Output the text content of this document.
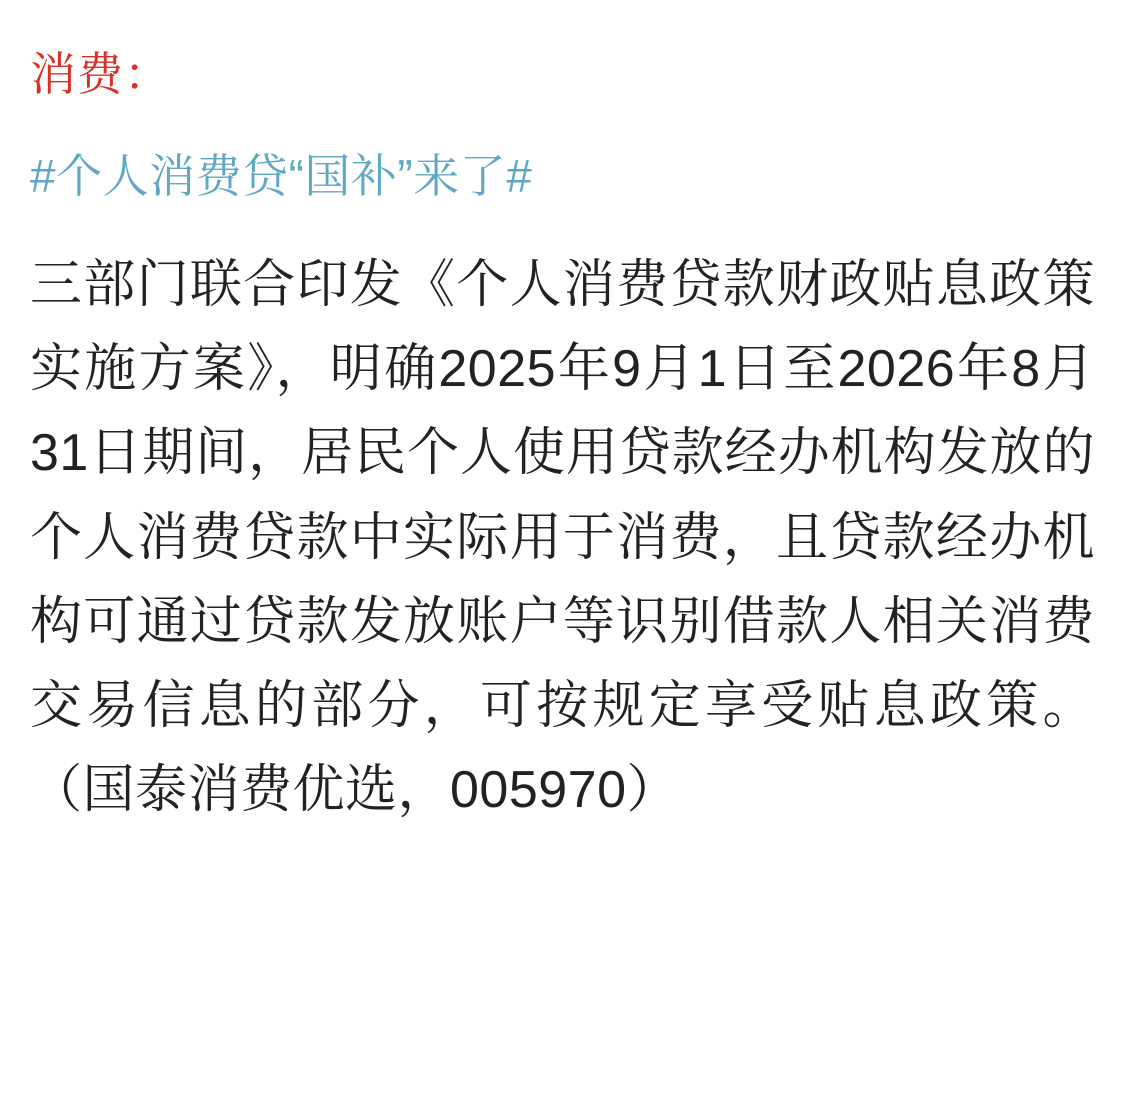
消费：
#个人消费贷“国补”来了#
三部门联合印发《个人消费贷款财政贴息政策实施方案》，明确2025年9月1日至2026年8月31日期间，居民个人使用贷款经办机构发放的个人消费贷款中实际用于消费，且贷款经办机构可通过贷款发放账户等识别借款人相关消费交易信息的部分，可按规定享受贴息政策。（国泰消费优选，005970）
